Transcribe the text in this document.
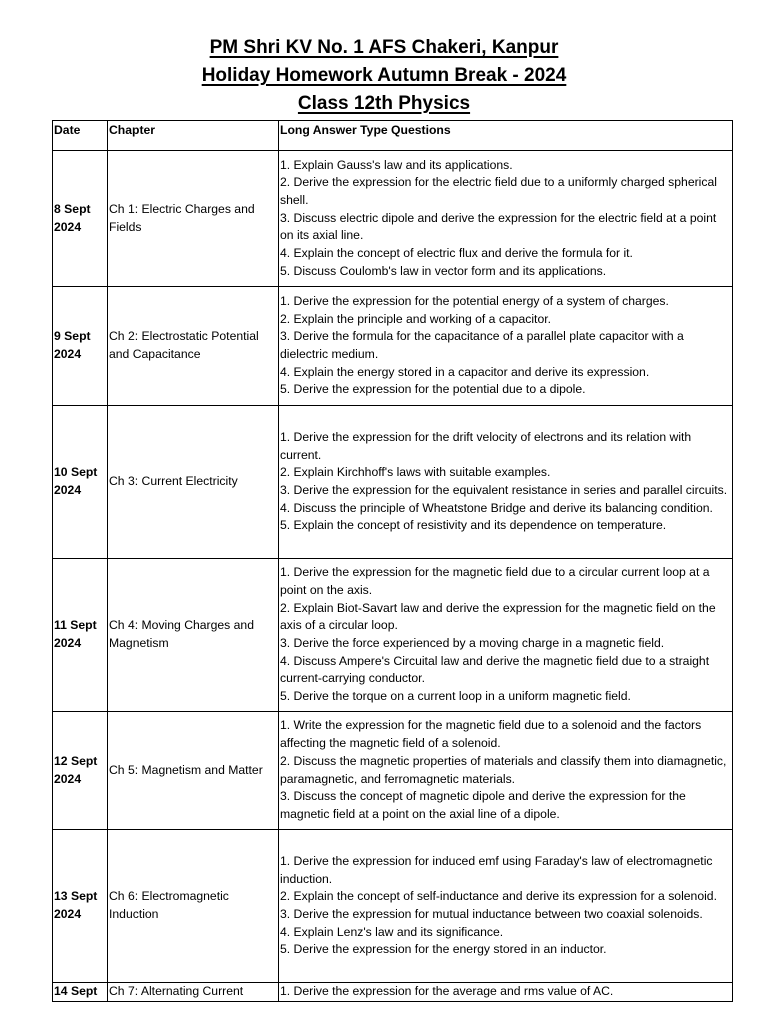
PM Shri KV No. 1 AFS Chakeri, Kanpur
Holiday Homework Autumn Break - 2024
Class 12th Physics
Date	Chapter	Long Answer Type Questions
8 Sept 2024	Ch 1: Electric Charges and Fields	1. Explain Gauss's law and its applications.
2. Derive the expression for the electric field due to a uniformly charged spherical shell.
3. Discuss electric dipole and derive the expression for the electric field at a point on its axial line.
4. Explain the concept of electric flux and derive the formula for it.
5. Discuss Coulomb's law in vector form and its applications.

9 Sept 2024	Ch 2: Electrostatic Potential and Capacitance	1. Derive the expression for the potential energy of a system of charges.
2. Explain the principle and working of a capacitor.
3. Derive the formula for the capacitance of a parallel plate capacitor with a dielectric medium.
4. Explain the energy stored in a capacitor and derive its expression.
5. Derive the expression for the potential due to a dipole.

10 Sept 2024	Ch 3: Current Electricity	1. Derive the expression for the drift velocity of electrons and its relation with current.
2. Explain Kirchhoff's laws with suitable examples.
3. Derive the expression for the equivalent resistance in series and parallel circuits.
4. Discuss the principle of Wheatstone Bridge and derive its balancing condition.
5. Explain the concept of resistivity and its dependence on temperature.

11 Sept 2024	Ch 4: Moving Charges and Magnetism	1. Derive the expression for the magnetic field due to a circular current loop at a point on the axis.
2. Explain Biot-Savart law and derive the expression for the magnetic field on the axis of a circular loop.
3. Derive the force experienced by a moving charge in a magnetic field.
4. Discuss Ampere's Circuital law and derive the magnetic field due to a straight current-carrying conductor.
5. Derive the torque on a current loop in a uniform magnetic field.

12 Sept 2024	Ch 5: Magnetism and Matter	1. Write the expression for the magnetic field due to a solenoid and the factors affecting the magnetic field of a solenoid.
2. Discuss the magnetic properties of materials and classify them into diamagnetic, paramagnetic, and ferromagnetic materials.
3. Discuss the concept of magnetic dipole and derive the expression for the magnetic field at a point on the axial line of a dipole.

13 Sept 2024	Ch 6: Electromagnetic Induction	1. Derive the expression for induced emf using Faraday's law of electromagnetic induction.
2. Explain the concept of self-inductance and derive its expression for a solenoid.
3. Derive the expression for mutual inductance between two coaxial solenoids.
4. Explain Lenz's law and its significance.
5. Derive the expression for the energy stored in an inductor.

14 Sept	Ch 7: Alternating Current	1. Derive the expression for the average and rms value of AC.
